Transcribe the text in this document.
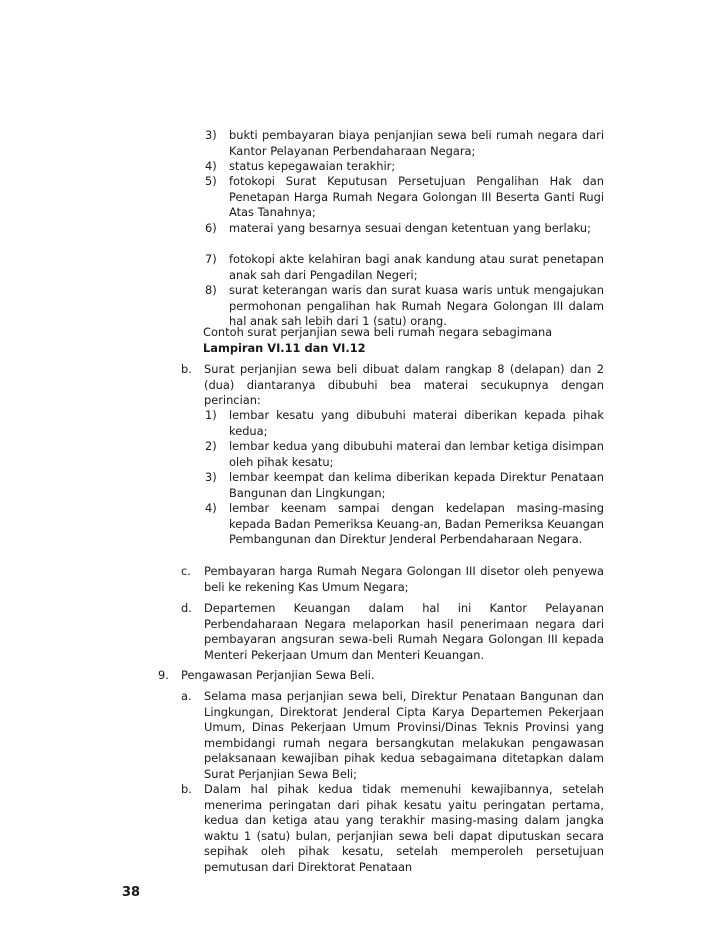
3) bukti pembayaran biaya penjanjian sewa beli rumah negara dari Kantor Pelayanan Perbendaharaan Negara;

4) status kepegawaian terakhir;

5) fotokopi Surat Keputusan Persetujuan Pengalihan Hak dan Penetapan Harga Rumah Negara Golongan III Beserta Ganti Rugi Atas Tanahnya;

6) materai yang besarnya sesuai dengan ketentuan yang berlaku;

7) fotokopi akte kelahiran bagi anak kandung atau surat penetapan anak sah dari Pengadilan Negeri;

8) surat keterangan waris dan surat kuasa waris untuk mengajukan permohonan pengalihan hak Rumah Negara Golongan III dalam hal anak sah lebih dari 1 (satu) orang.

Contoh surat perjanjian sewa beli rumah negara sebagimana
Lampiran VI.11 dan VI.12
b. Surat perjanjian sewa beli dibuat dalam rangkap 8 (delapan) dan 2 (dua) diantaranya dibubuhi bea materai secukupnya dengan perincian:

1) lembar kesatu yang dibubuhi materai diberikan kepada pihak kedua;

2) lembar kedua yang dibubuhi materai dan lembar ketiga disimpan oleh pihak kesatu;

3) lembar keempat dan kelima diberikan kepada Direktur Penataan Bangunan dan Lingkungan;

4) lembar keenam sampai dengan kedelapan masing-masing kepada Badan Pemeriksa Keuang-an, Badan Pemeriksa Keuangan Pembangunan dan Direktur Jenderal Perbendaharaan Negara.

c. Pembayaran harga Rumah Negara Golongan III disetor oleh penyewa beli ke rekening Kas Umum Negara;

d. Departemen Keuangan dalam hal ini Kantor Pelayanan Perbendaharaan Negara melaporkan hasil penerimaan negara dari pembayaran angsuran sewa-beli Rumah Negara Golongan III kepada Menteri Pekerjaan Umum dan Menteri Keuangan.

9. Pengawasan Perjanjian Sewa Beli.

a. Selama masa perjanjian sewa beli, Direktur Penataan Bangunan dan Lingkungan, Direktorat Jenderal Cipta Karya Departemen Pekerjaan Umum, Dinas Pekerjaan Umum Provinsi/Dinas Teknis Provinsi yang membidangi rumah negara bersangkutan melakukan pengawasan pelaksanaan kewajiban pihak kedua sebagaimana ditetapkan dalam Surat Perjanjian Sewa Beli;

b. Dalam hal pihak kedua tidak memenuhi kewajibannya, setelah menerima peringatan dari pihak kesatu yaitu peringatan pertama, kedua dan ketiga atau yang terakhir masing-masing dalam jangka waktu 1 (satu) bulan, perjanjian sewa beli dapat diputuskan secara sepihak oleh pihak kesatu, setelah memperoleh persetujuan pemutusan dari Direktorat Penataan

38
